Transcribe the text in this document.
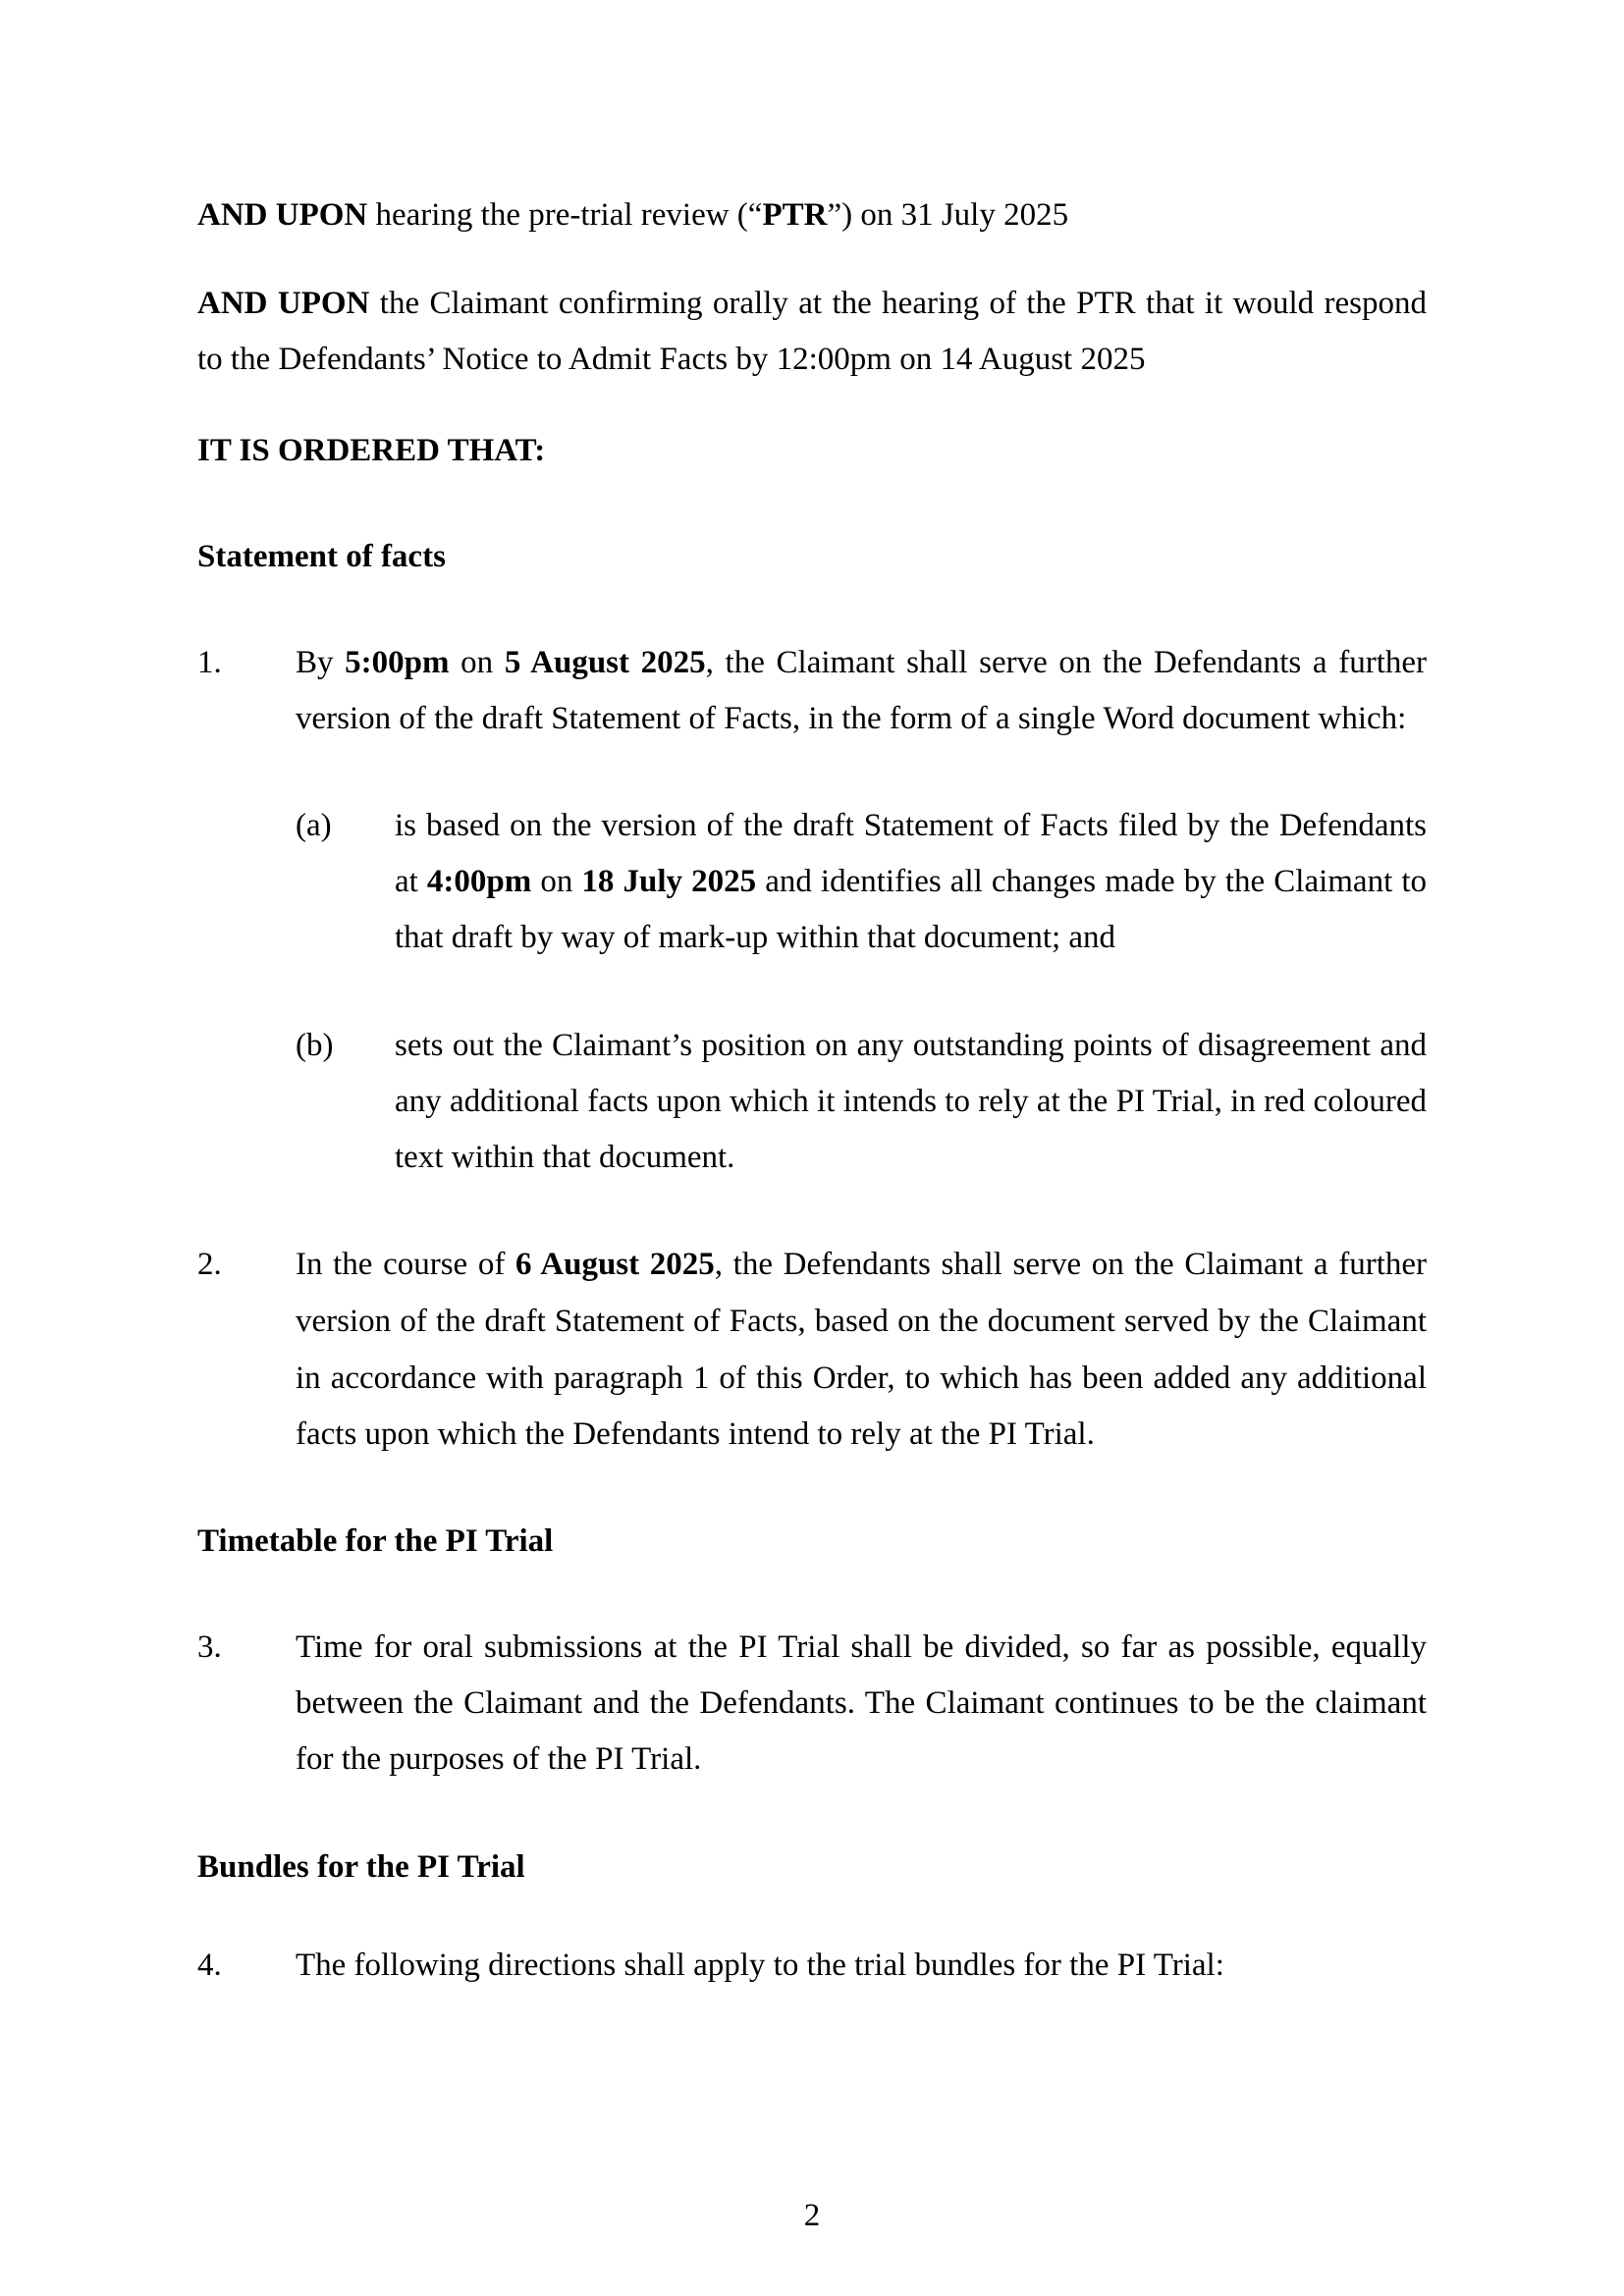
AND UPON hearing the pre-trial review (“PTR”) on 31 July 2025
AND UPON the Claimant confirming orally at the hearing of the PTR that it would respond
to the Defendants’ Notice to Admit Facts by 12:00pm on 14 August 2025
IT IS ORDERED THAT:
Statement of facts
1. By 5:00pm on 5 August 2025, the Claimant shall serve on the Defendants a further
version of the draft Statement of Facts, in the form of a single Word document which:
(a) is based on the version of the draft Statement of Facts filed by the Defendants
at 4:00pm on 18 July 2025 and identifies all changes made by the Claimant to
that draft by way of mark-up within that document; and
(b) sets out the Claimant’s position on any outstanding points of disagreement and
any additional facts upon which it intends to rely at the PI Trial, in red coloured
text within that document.
2. In the course of 6 August 2025, the Defendants shall serve on the Claimant a further
version of the draft Statement of Facts, based on the document served by the Claimant
in accordance with paragraph 1 of this Order, to which has been added any additional
facts upon which the Defendants intend to rely at the PI Trial.
Timetable for the PI Trial
3. Time for oral submissions at the PI Trial shall be divided, so far as possible, equally
between the Claimant and the Defendants. The Claimant continues to be the claimant
for the purposes of the PI Trial.
Bundles for the PI Trial
4. The following directions shall apply to the trial bundles for the PI Trial:
2
